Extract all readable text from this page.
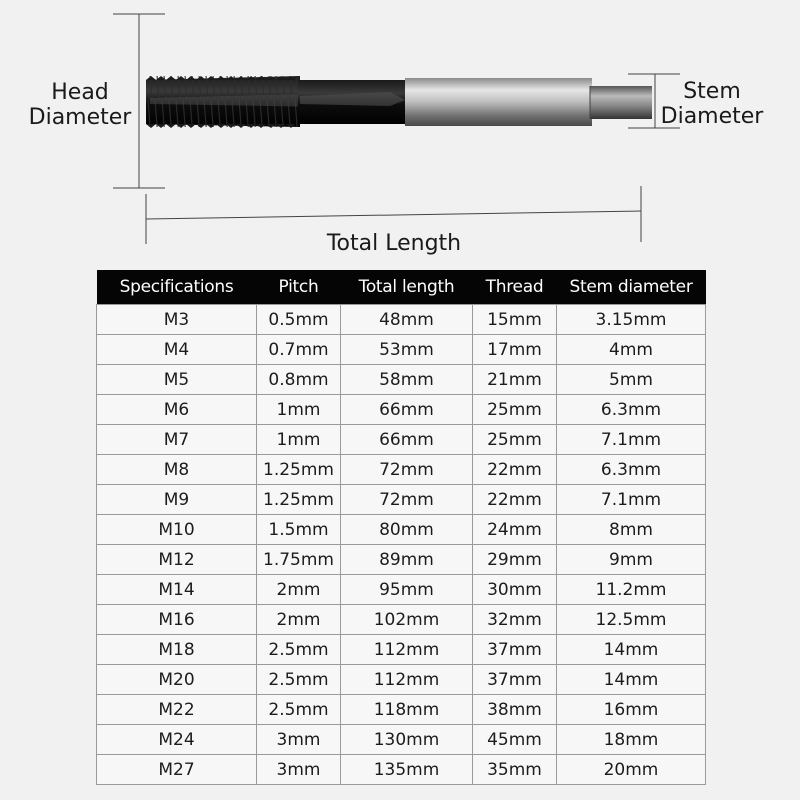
Head
Diameter
Stem
Diameter
Total Length
Specifications	Pitch	Total length	Thread	Stem diameter
M3	0.5mm	48mm	15mm	3.15mm
M4	0.7mm	53mm	17mm	4mm
M5	0.8mm	58mm	21mm	5mm
M6	1mm	66mm	25mm	6.3mm
M7	1mm	66mm	25mm	7.1mm
M8	1.25mm	72mm	22mm	6.3mm
M9	1.25mm	72mm	22mm	7.1mm
M10	1.5mm	80mm	24mm	8mm
M12	1.75mm	89mm	29mm	9mm
M14	2mm	95mm	30mm	11.2mm
M16	2mm	102mm	32mm	12.5mm
M18	2.5mm	112mm	37mm	14mm
M20	2.5mm	112mm	37mm	14mm
M22	2.5mm	118mm	38mm	16mm
M24	3mm	130mm	45mm	18mm
M27	3mm	135mm	35mm	20mm
